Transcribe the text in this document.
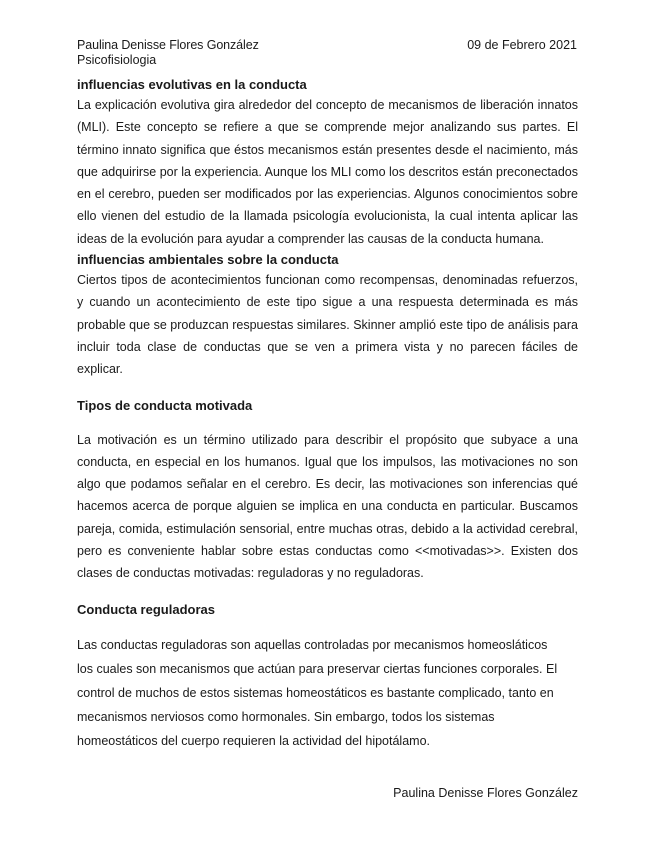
Paulina Denisse Flores González	09 de Febrero 2021
Psicofisiologia

influencias evolutivas en la conducta

La explicación evolutiva gira alrededor del concepto de mecanismos de liberación innatos (MLI). Este concepto se refiere a que se comprende mejor analizando sus partes. El término innato significa que éstos mecanismos están presentes desde el nacimiento, más que adquirirse por la experiencia. Aunque los MLI como los descritos están preconectados en el cerebro, pueden ser modificados por las experiencias. Algunos conocimientos sobre ello vienen del estudio de la llamada psicología evolucionista, la cual intenta aplicar las ideas de la evolución para ayudar a comprender las causas de la conducta humana.

influencias ambientales sobre la conducta

Ciertos tipos de acontecimientos funcionan como recompensas, denominadas refuerzos, y cuando un acontecimiento de este tipo sigue a una respuesta determinada es más probable que se produzcan respuestas similares. Skinner amplió este tipo de análisis para incluir toda clase de conductas que se ven a primera vista y no parecen fáciles de explicar.

Tipos de conducta motivada

La motivación es un término utilizado para describir el propósito que subyace a una conducta, en especial en los humanos. Igual que los impulsos, las motivaciones no son algo que podamos señalar en el cerebro. Es decir, las motivaciones son inferencias qué hacemos acerca de porque alguien se implica en una conducta en particular. Buscamos pareja, comida, estimulación sensorial, entre muchas otras, debido a la actividad cerebral, pero es conveniente hablar sobre estas conductas como <<motivadas>>. Existen dos clases de conductas motivadas: reguladoras y no reguladoras.

Conducta reguladoras

Las conductas reguladoras son aquellas controladas por mecanismos homeosláticos
los cuales son mecanismos que actúan para preservar ciertas funciones corporales. El
control de muchos de estos sistemas homeostáticos es bastante complicado, tanto en
mecanismos nerviosos como hormonales. Sin embargo, todos los sistemas
homeostáticos del cuerpo requieren la actividad del hipotálamo.
Paulina Denisse Flores González
